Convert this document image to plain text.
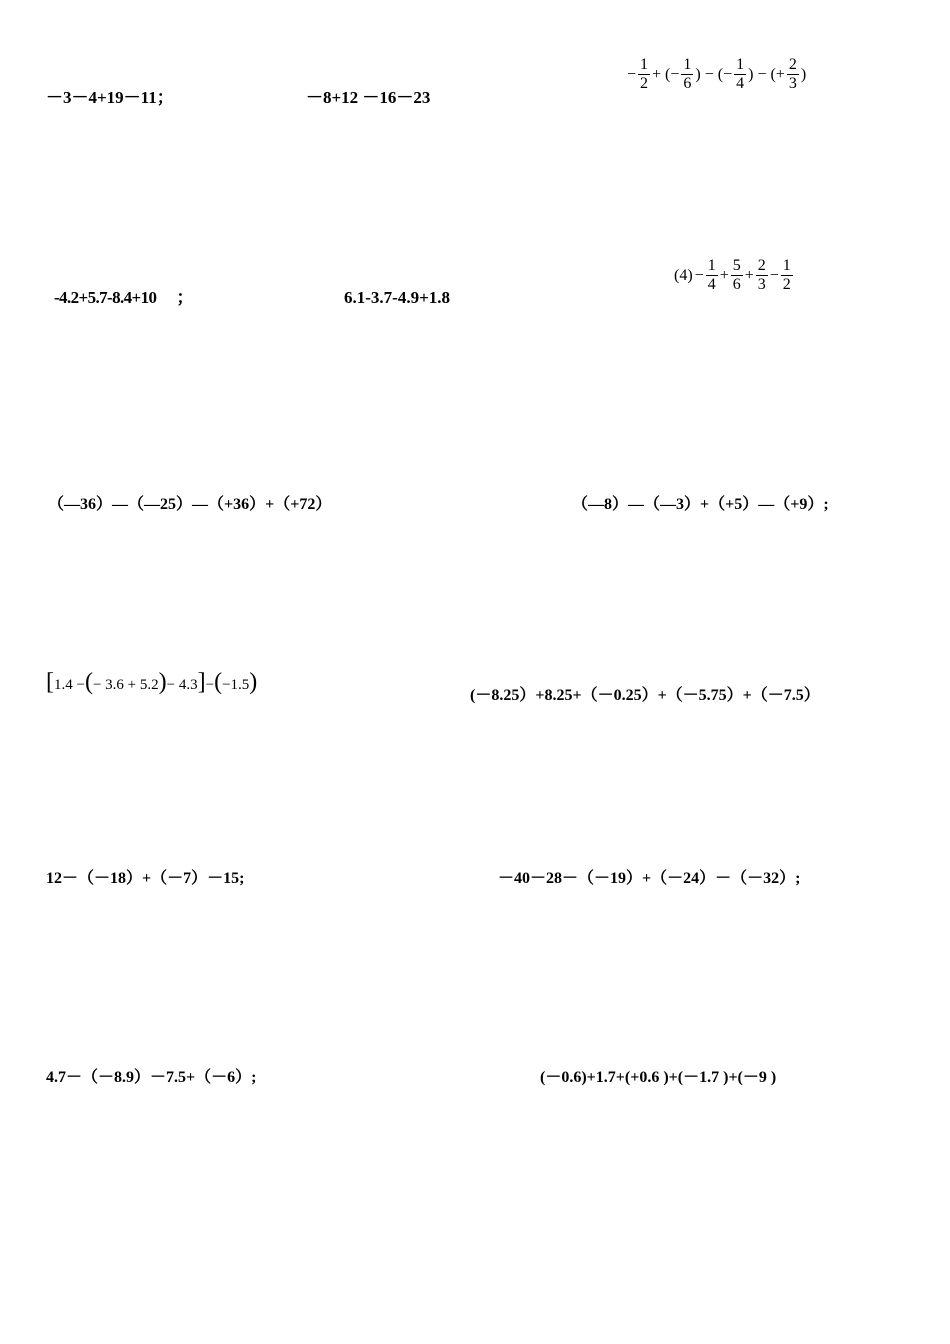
－3－4+19－11；	－8+12 －16－23
− $\frac{1}{2}$ + (− $\frac{1}{6}$ ) − (− $\frac{1}{4}$ ) − (+ $\frac{2}{3}$ )
-4.2+5.7-8.4+10 　；	6.1-3.7-4.9+1.8
$(4) - \frac{1}{4} + \frac{5}{6} + \frac{2}{3} - \frac{1}{2}$
（—36）—（—25）—（+36）+（+72）	（—8）—（—3）+（+5）—（+9）;
[ 1.4 − ( − 3.6 + 5.2 ) − 4.3 ] − ( −1.5 )
(－8.25）+8.25+（－0.25）+（－5.75）+（－7.5）
12－（－18）+（－7）－15;	－40－28－（－19）+（－24）－（－32）;
4.7－（－8.9）－7.5+（－6）;	(－0.6)+1.7+(+0.6 )+(－1.7 )+(－9 )
